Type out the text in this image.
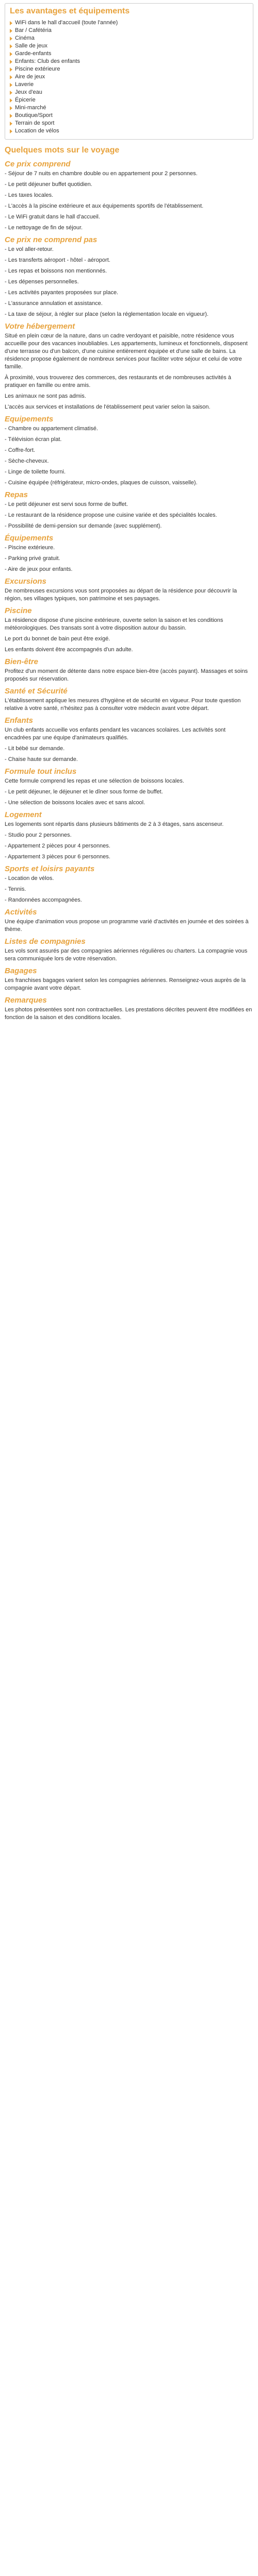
Les avantages et équipements
WiFi dans le hall d'accueil (toute l'année)
Bar / Cafétéria
Cinéma
Salle de jeux
Garde-enfants
Enfants: Club des enfants
Piscine extérieure
Aire de jeux
Laverie
Jeux d'eau
Épicerie
Mini-marché
Boutique/Sport
Terrain de sport
Location de vélos
Quelques mots sur le voyage
Ce prix comprend

- Séjour de 7 nuits en chambre double ou en appartement pour 2 personnes.

- Le petit déjeuner buffet quotidien.

- Les taxes locales.

- L'accès à la piscine extérieure et aux équipements sportifs de l'établissement.

- Le WiFi gratuit dans le hall d'accueil.

- Le nettoyage de fin de séjour.

Ce prix ne comprend pas

- Le vol aller-retour.

- Les transferts aéroport - hôtel - aéroport.

- Les repas et boissons non mentionnés.

- Les dépenses personnelles.

- Les activités payantes proposées sur place.

- L'assurance annulation et assistance.

- La taxe de séjour, à régler sur place (selon la réglementation locale en vigueur).

Votre hébergement

Situé en plein cœur de la nature, dans un cadre verdoyant et paisible, notre résidence vous accueille pour des vacances inoubliables. Les appartements, lumineux et fonctionnels, disposent d'une terrasse ou d'un balcon, d'une cuisine entièrement équipée et d'une salle de bains. La résidence propose également de nombreux services pour faciliter votre séjour et celui de votre famille.

À proximité, vous trouverez des commerces, des restaurants et de nombreuses activités à pratiquer en famille ou entre amis.

Les animaux ne sont pas admis.

L'accès aux services et installations de l'établissement peut varier selon la saison.

Equipements

- Chambre ou appartement climatisé.

- Télévision écran plat.

- Coffre-fort.

- Sèche-cheveux.

- Linge de toilette fourni.

- Cuisine équipée (réfrigérateur, micro-ondes, plaques de cuisson, vaisselle).

Repas

- Le petit déjeuner est servi sous forme de buffet.

- Le restaurant de la résidence propose une cuisine variée et des spécialités locales.

- Possibilité de demi-pension sur demande (avec supplément).

Équipements

- Piscine extérieure.

- Parking privé gratuit.

- Aire de jeux pour enfants.

Excursions

De nombreuses excursions vous sont proposées au départ de la résidence pour découvrir la région, ses villages typiques, son patrimoine et ses paysages.

Piscine

La résidence dispose d'une piscine extérieure, ouverte selon la saison et les conditions météorologiques. Des transats sont à votre disposition autour du bassin.

Le port du bonnet de bain peut être exigé.

Les enfants doivent être accompagnés d'un adulte.

Bien-être

Profitez d'un moment de détente dans notre espace bien-être (accès payant). Massages et soins proposés sur réservation.

Santé et Sécurité

L'établissement applique les mesures d'hygiène et de sécurité en vigueur. Pour toute question relative à votre santé, n'hésitez pas à consulter votre médecin avant votre départ.

Enfants

Un club enfants accueille vos enfants pendant les vacances scolaires. Les activités sont encadrées par une équipe d'animateurs qualifiés.

- Lit bébé sur demande.

- Chaise haute sur demande.

Formule tout inclus

Cette formule comprend les repas et une sélection de boissons locales.

- Le petit déjeuner, le déjeuner et le dîner sous forme de buffet.

- Une sélection de boissons locales avec et sans alcool.

Logement

Les logements sont répartis dans plusieurs bâtiments de 2 à 3 étages, sans ascenseur.

- Studio pour 2 personnes.

- Appartement 2 pièces pour 4 personnes.

- Appartement 3 pièces pour 6 personnes.

Sports et loisirs payants

- Location de vélos.

- Tennis.

- Randonnées accompagnées.

Activités

Une équipe d'animation vous propose un programme varié d'activités en journée et des soirées à thème.

Listes de compagnies

Les vols sont assurés par des compagnies aériennes régulières ou charters. La compagnie vous sera communiquée lors de votre réservation.

Bagages

Les franchises bagages varient selon les compagnies aériennes. Renseignez-vous auprès de la compagnie avant votre départ.

Remarques

Les photos présentées sont non contractuelles. Les prestations décrites peuvent être modifiées en fonction de la saison et des conditions locales.
